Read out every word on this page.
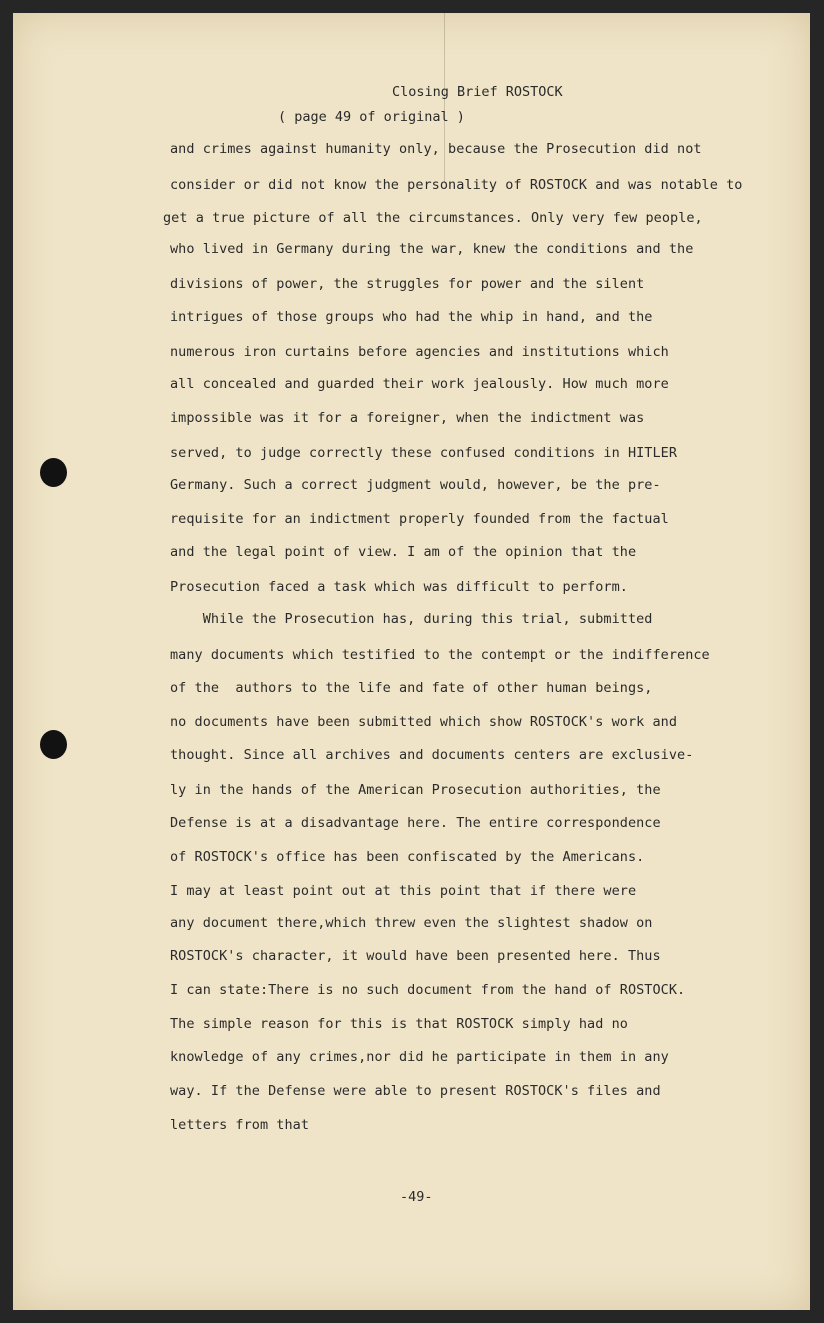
Closing Brief ROSTOCK
( page 49 of original )
and crimes against humanity only, because the Prosecution did not
consider or did not know the personality of ROSTOCK and was notable to
get a true picture of all the circumstances. Only very few people,
who lived in Germany during the war, knew the conditions and the
divisions of power, the struggles for power and the silent
intrigues of those groups who had the whip in hand, and the
numerous iron curtains before agencies and institutions which
all concealed and guarded their work jealously. How much more
impossible was it for a foreigner, when the indictment was
served, to judge correctly these confused conditions in HITLER
Germany. Such a correct judgment would, however, be the pre-
requisite for an indictment properly founded from the factual
and the legal point of view. I am of the opinion that the
Prosecution faced a task which was difficult to perform.
While the Prosecution has, during this trial, submitted
many documents which testified to the contempt or the indifference
of the  authors to the life and fate of other human beings,
no documents have been submitted which show ROSTOCK's work and
thought. Since all archives and documents centers are exclusive-
ly in the hands of the American Prosecution authorities, the
Defense is at a disadvantage here. The entire correspondence
of ROSTOCK's office has been confiscated by the Americans.
I may at least point out at this point that if there were
any document there,which threw even the slightest shadow on
ROSTOCK's character, it would have been presented here. Thus
I can state:There is no such document from the hand of ROSTOCK.
The simple reason for this is that ROSTOCK simply had no
knowledge of any crimes,nor did he participate in them in any
way. If the Defense were able to present ROSTOCK's files and
letters from that
-49-
